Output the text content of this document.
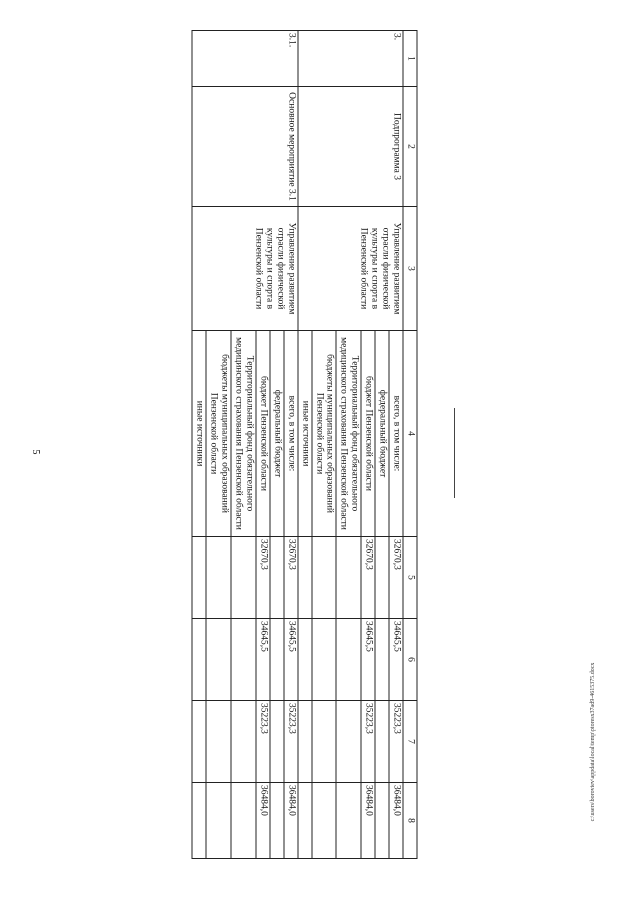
5
c:\users\boroviev\appdata\local\temp\ptoresx37ad9-4615375.docx
1	2	3	4	5	6	7	8
3.	Подпрограмма 3	Управление развитием отрасли физической культуры и спорта в Пензенской области	всего, в том числе:	32670,3	34645,5	35223,3	36484,0
			федеральный бюджет				
			бюджет Пензенской области	32670,3	34645,5	35223,3	36484,0
			Территориальный фонд обязательного медицинского страхования Пензенской области				
			бюджеты муниципальных образований Пензенской области				
			иные источники				
3.1.	Основное мероприятие 3.1	Управление развитием отрасли физической культуры и спорта в Пензенской области	всего, в том числе:	32670,3	34645,5	35223,3	36484,0
			федеральный бюджет				
			бюджет Пензенской области	32670,3	34645,5	35223,3	36484,0
			Территориальный фонд обязательного медицинского страхования Пензенской области				
			бюджеты муниципальных образований Пензенской области				
			иные источники				
